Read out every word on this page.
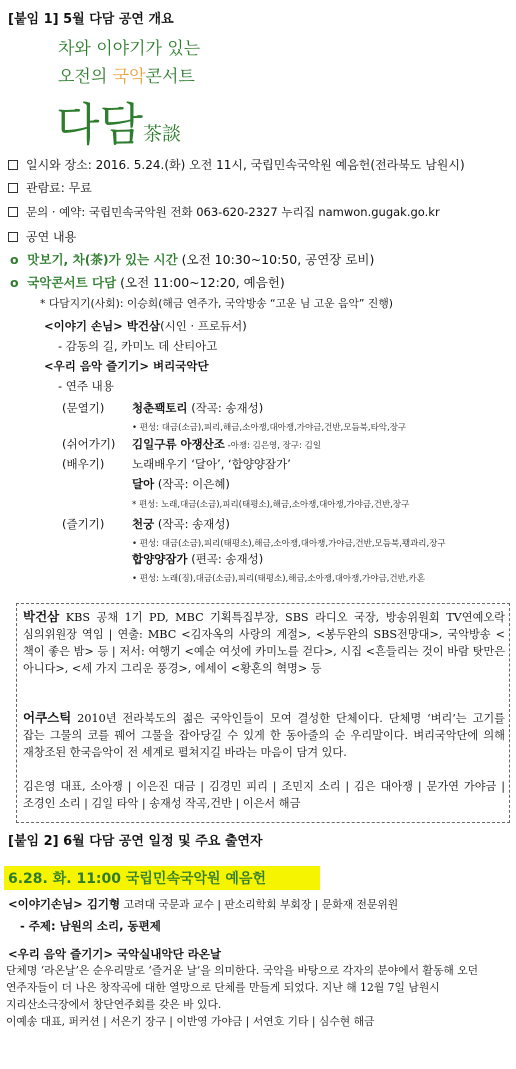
[붙임 1] 5월 다담 공연 개요
차와 이야기가 있는
오전의 국악콘서트
다담茶談
일시와 장소: 2016. 5.24.(화) 오전 11시, 국립민속국악원 예음헌(전라북도 남원시)
관람료: 무료
문의 · 예약: 국립민속국악원 전화 063-620-2327 누리집 namwon.gugak.go.kr
공연 내용
o  맛보기, 차(茶)가 있는 시간 (오전 10:30~10:50, 공연장 로비)
o  국악콘서트 다담 (오전 11:00~12:20, 예음헌)
* 다담지기(사회): 이승희(해금 연주가, 국악방송 “고운 님 고운 음악” 진행)
<이야기 손님> 박건삼(시인 · 프로듀서)
- 감동의 길, 카미노 데 산티아고
<우리 음악 즐기기> 벼리국악단
- 연주 내용
(문열기) 청춘꽥토리 (작곡: 송재성)
• 편성: 대금(소금),피리,해금,소아쟁,대아쟁,가야금,건반,모듬북,타악,장구
(쉬어가기) 김일구류 아쟁산조 -아쟁: 김은영, 장구: 김일
(배우기) 노래배우기 ‘달아’, ‘합양양잠가’
달아 (작곡: 이은혜)
* 편성: 노래,대금(소금),피리(태평소),해금,소아쟁,대아쟁,가야금,건반,장구
(즐기기) 천궁 (작곡: 송재성)
• 편성: 대금(소금),피리(태평소),해금,소아쟁,대아쟁,가야금,건반,모듬북,꽹과리,장구
합양양잠가 (편곡: 송재성)
• 편성: 노래(징),대금(소금),피리(태평소),해금,소아쟁,대아쟁,가야금,건반,카혼

박건삼 KBS 공채 1기 PD, MBC 기획특집부장, SBS 라디오 국장, 방송위원회 TV연예오락 심의위원장 역임 | 연출: MBC <김자옥의 사랑의 계절>, <봉두완의 SBS전망대>, 국악방송 <책이 좋은 밤> 등 | 저서: 여행기 <예순 여섯에 카미노를 걷다>, 시집 <흔들리는 것이 바람 탓만은 아니다>, <세 가지 그리운 풍경>, 에세이 <황혼의 혁명> 등

어쿠스틱 2010년 전라북도의 젊은 국악인들이 모여 결성한 단체이다. 단체명 ‘벼리’는 고기를 잡는 그물의 코를 꿰어 그물을 잡아당길 수 있게 한 동아줄의 순 우리말이다. 벼리국악단에 의해 재창조된 한국음악이 전 세계로 펼쳐지길 바라는 마음이 담겨 있다.

김은영 대표, 소아쟁 | 이은진 대금 | 김경민 피리 | 조민지 소리 | 김은 대아쟁 | 문가연 가야금 | 조경인 소리 | 김일 타악 | 송재성 작곡,건반 | 이은서 해금

[붙임 2] 6월 다담 공연 일정 및 주요 출연자
6.28. 화. 11:00 국립민속국악원 예음헌
<이야기손님> 김기형 고려대 국문과 교수 | 판소리학회 부회장 | 문화재 전문위원
- 주제: 남원의 소리, 동편제
<우리 음악 즐기기> 국악실내악단 라온날

단체명 ‘라온날’은 순우리말로 ‘즐거운 날’을 의미한다. 국악을 바탕으로 각자의 분야에서 활동해 오던 연주자들이 더 나은 창작곡에 대한 열망으로 단체를 만들게 되었다. 지난 해 12월 7일 남원시 지리산소극장에서 창단연주회를 갖은 바 있다.
이예송 대표, 퍼커션 | 서은기 장구 | 이반영 가야금 | 서연호 기타 | 심수현 해금
